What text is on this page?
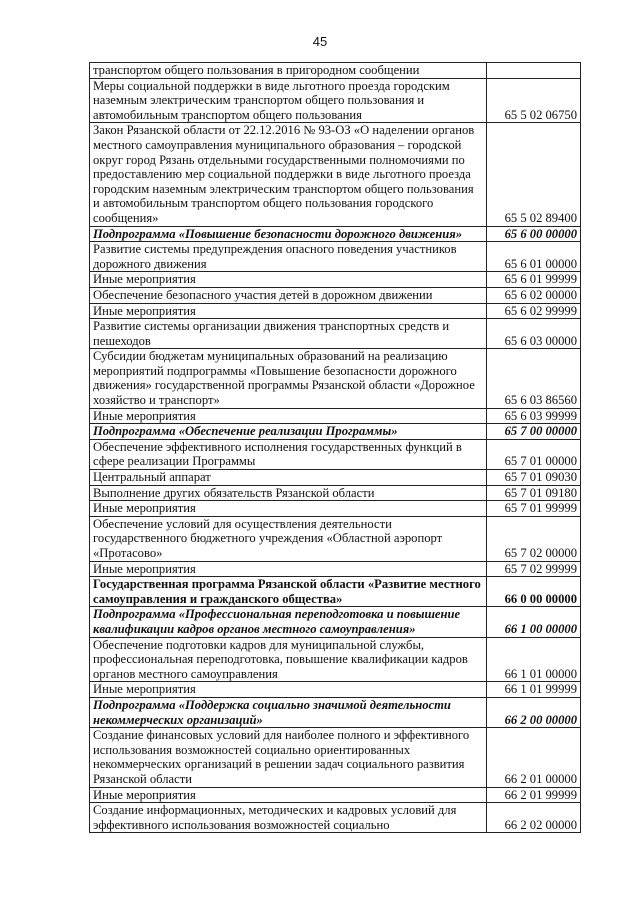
45
транспортом общего пользования в пригородном сообщении	
Меры социальной поддержки в виде льготного проезда городским наземным электрическим транспортом общего пользования и автомобильным транспортом общего пользования	65 5 02 06750
Закон Рязанской области от 22.12.2016 № 93-ОЗ «О наделении органов местного самоуправления муниципального образования – городской округ город Рязань отдельными государственными полномочиями по предоставлению мер социальной поддержки в виде льготного проезда городским наземным электрическим транспортом общего пользования и автомобильным транспортом общего пользования городского сообщения»	65 5 02 89400
Подпрограмма «Повышение безопасности дорожного движения»	65 6 00 00000
Развитие системы предупреждения опасного поведения участников дорожного движения	65 6 01 00000
Иные мероприятия	65 6 01 99999
Обеспечение безопасного участия детей в дорожном движении	65 6 02 00000
Иные мероприятия	65 6 02 99999
Развитие системы организации движения транспортных средств и пешеходов	65 6 03 00000
Субсидии бюджетам муниципальных образований на реализацию мероприятий подпрограммы «Повышение безопасности дорожного движения» государственной программы Рязанской области «Дорожное хозяйство и транспорт»	65 6 03 86560
Иные мероприятия	65 6 03 99999
Подпрограмма «Обеспечение реализации Программы»	65 7 00 00000
Обеспечение эффективного исполнения государственных функций в сфере реализации Программы	65 7 01 00000
Центральный аппарат	65 7 01 09030
Выполнение других обязательств Рязанской области	65 7 01 09180
Иные мероприятия	65 7 01 99999
Обеспечение условий для осуществления деятельности государственного бюджетного учреждения «Областной аэропорт «Протасово»	65 7 02 00000
Иные мероприятия	65 7 02 99999
Государственная программа Рязанской области «Развитие местного самоуправления и гражданского общества»	66 0 00 00000
Подпрограмма «Профессиональная переподготовка и повышение квалификации кадров органов местного самоуправления»	66 1 00 00000
Обеспечение подготовки кадров для муниципальной службы, профессиональная переподготовка, повышение квалификации кадров органов местного самоуправления	66 1 01 00000
Иные мероприятия	66 1 01 99999
Подпрограмма «Поддержка социально значимой деятельности некоммерческих организаций»	66 2 00 00000
Создание финансовых условий для наиболее полного и эффективного использования возможностей социально ориентированных некоммерческих организаций в решении задач социального развития Рязанской области	66 2 01 00000
Иные мероприятия	66 2 01 99999
Создание информационных, методических и кадровых условий для эффективного использования возможностей социально	66 2 02 00000
